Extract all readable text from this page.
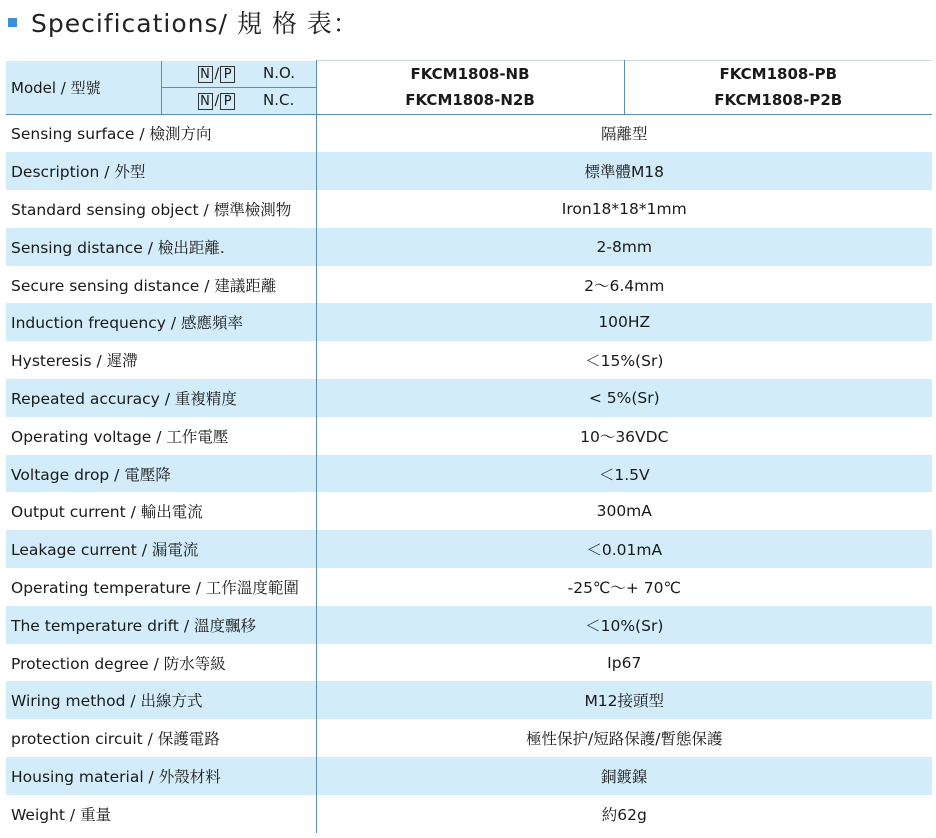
Specifications/ 規 格 表：
Model / 型號	N / P N.O.	FKCM1808-NB	FKCM1808-PB
	N / P N.C.	FKCM1808-N2B	FKCM1808-P2B
Sensing surface / 檢測方向		隔離型	
Description / 外型		標準體M18	
Standard sensing object / 標準檢測物		Iron18*18*1mm	
Sensing distance / 檢出距離.		2-8mm	
Secure sensing distance / 建議距離		2～6.4mm	
Induction frequency / 感應頻率		100HZ	
Hysteresis / 遲滯		＜15%(Sr)	
Repeated accuracy / 重複精度		< 5%(Sr)	
Operating voltage / 工作電壓		10～36VDC	
Voltage drop / 電壓降		＜1.5V	
Output current / 輸出電流		300mA	
Leakage current / 漏電流		＜0.01mA	
Operating temperature / 工作溫度範圍		-25℃～+ 70℃	
The temperature drift / 溫度飄移		＜10%(Sr)	
Protection degree / 防水等級		Ip67	
Wiring method / 出線方式		M12接頭型	
protection circuit / 保護電路		極性保护/短路保護/暫態保護	
Housing material / 外殼材料		銅鍍鎳	
Weight / 重量		約62g	
